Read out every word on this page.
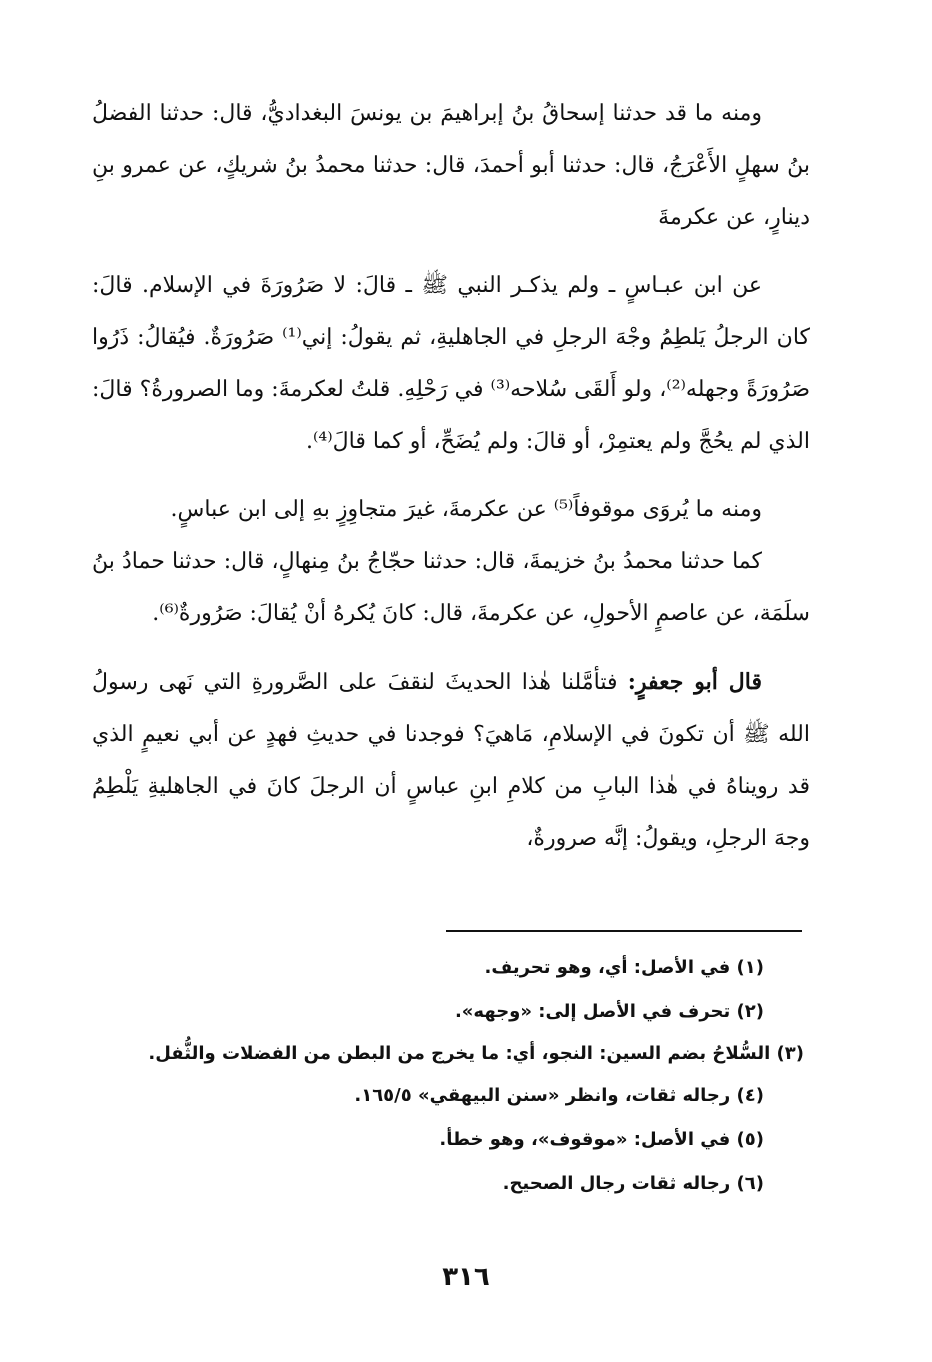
ومنه ما قد حدثنا إسحاقُ بنُ إبراهيمَ بن يونسَ البغداديُّ، قال: حدثنا الفضلُ بنُ سهلٍ الأَعْرَجُ، قال: حدثنا أبو أحمدَ، قال: حدثنا محمدُ بنُ شريكٍ، عن عمرو بنِ دينارٍ، عن عكرمةَ

عن ابن عبـاسٍ ـ ولم يذكـر النبي ﷺ ـ قالَ: لا صَرُورَةَ في الإسلام. قالَ: كان الرجلُ يَلطِمُ وجْهَ الرجلِ في الجاهليةِ، ثم يقولُ: إني⁽¹⁾ صَرُورَةٌ. فيُقالُ: ذَرُوا صَرُورَةً وجهله⁽²⁾، ولو أَلقَى سُلاحه⁽³⁾ في رَحْلِهِ. قلتُ لعكرمةَ: وما الصرورةُ؟ قالَ: الذي لم يحُجَّ ولم يعتمِرْ، أو قالَ: ولم يُضَحِّ، أو كما قالَ⁽⁴⁾.

ومنه ما يُروَى موقوفاً⁽⁵⁾ عن عكرمةَ، غيرَ متجاوِزٍ بهِ إلى ابن عباسٍ.

كما حدثنا محمدُ بنُ خزيمةَ، قال: حدثنا حجّاجُ بنُ مِنهالٍ، قال: حدثنا حمادُ بنُ سلَمَة، عن عاصمٍ الأحولِ، عن عكرمةَ، قال: كانَ يُكرهُ أنْ يُقالَ: صَرُورةٌ⁽⁶⁾.

قال أبو جعفرٍ: فتأمَّلنا هٰذا الحديثَ لنقفَ على الصَّرورةِ التي نَهى رسولُ الله ﷺ أن تكونَ في الإسلامِ، مَاهيَ؟ فوجدنا في حديثِ فهدٍ عن أبي نعيمٍ الذي قد رويناهُ في هٰذا البابِ من كلامِ ابنِ عباسٍ أن الرجلَ كانَ في الجاهليةِ يَلْطِمُ وجهَ الرجلِ، ويقولُ: إنَّه صرورةٌ،

(١) في الأصل: أي، وهو تحريف.

(٢) تحرف في الأصل إلى: «وجهه».

(٣) السُّلاحُ بضم السين: النجو، أي: ما يخرج من البطن من الفضلات والثُّفل.

(٤) رجاله ثقات، وانظر «سنن البيهقي» ١٦٥/٥.

(٥) في الأصل: «موقوف»، وهو خطأ.

(٦) رجاله ثقات رجال الصحيح.

٣١٦
